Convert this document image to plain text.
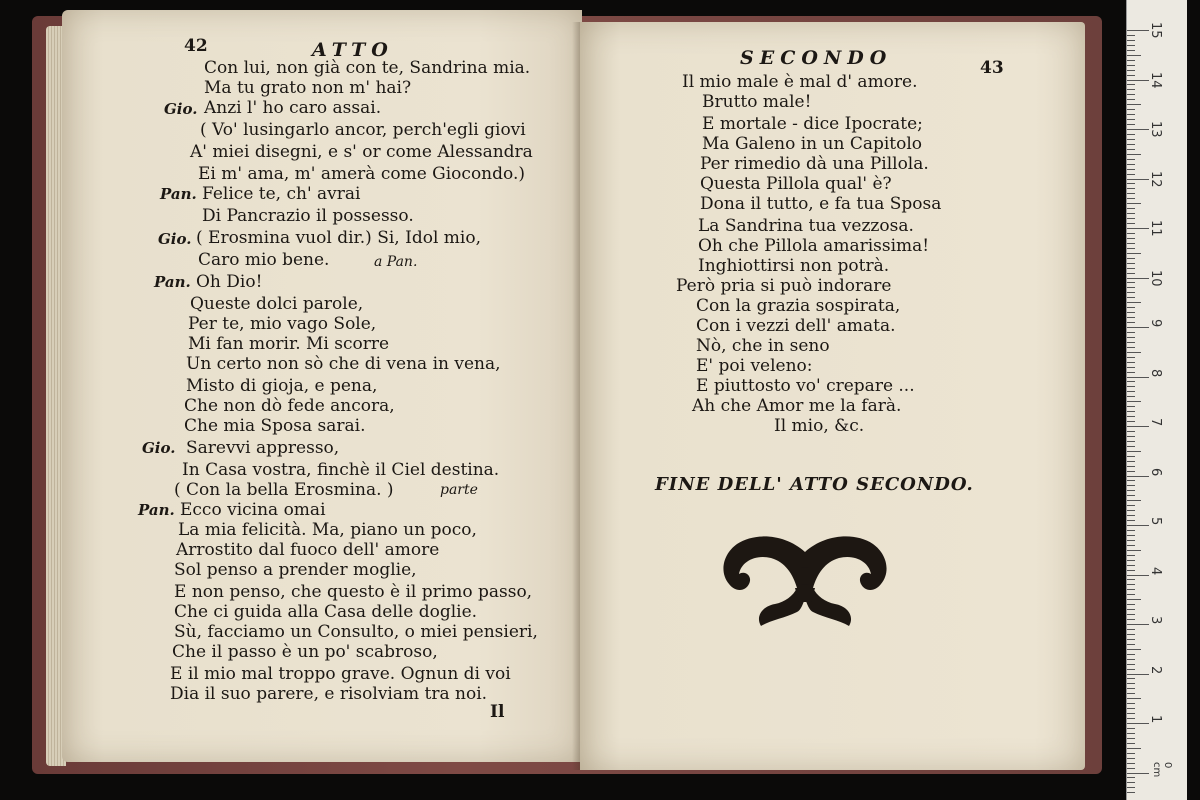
42	ATTO
Con lui, non già con te, Sandrina mia.
Ma tu grato non m' hai?
Gio. Anzi l' ho caro assai.
( Vo' lusingarlo ancor, perch'egli giovi
A' miei disegni, e s' or come Alessandra
Ei m' ama, m' amerà come Giocondo.)
Pan. Felice te, ch' avrai
Di Pancrazio il possesso.
Gio. ( Erosmina vuol dir.) Si, Idol mio,
Caro mio bene.	a Pan.
Pan. Oh Dio!
Queste dolci parole,
Per te, mio vago Sole,
Mi fan morir. Mi scorre
Un certo non sò che di vena in vena,
Misto di gioja, e pena,
Che non dò fede ancora,
Che mia Sposa sarai.
Gio. Sarevvi appresso,
In Casa vostra, finchè il Ciel destina.
( Con la bella Erosmina. )	parte
Pan. Ecco vicina omai
La mia felicità. Ma, piano un poco,
Arrostito dal fuoco dell' amore
Sol penso a prender moglie,
E non penso, che questo è il primo passo,
Che ci guida alla Casa delle doglie.
Sù, facciamo un Consulto, o miei pensieri,
Che il passo è un po' scabroso,
E il mio mal troppo grave. Ognun di voi
Dia il suo parere, e risolviam tra noi.
Il
SECONDO	43
Il mio male è mal d' amore.
Brutto male!
E mortale - dice Ipocrate;
Ma Galeno in un Capitolo
Per rimedio dà una Pillola.
Questa Pillola qual' è?
Dona il tutto, e fa tua Sposa
La Sandrina tua vezzosa.
Oh che Pillola amarissima!
Inghiottirsi non potrà.
Però pria si può indorare
Con la grazia sospirata,
Con i vezzi dell' amata.
Nò, che in seno
E' poi veleno:
E piuttosto vo' crepare ...
Ah che Amor me la farà.
Il mio, &c.
FINE DELL' ATTO SECONDO.
15
14
13
12
11
10
9
8
7
6
5
4
3
2
1
0 cm
